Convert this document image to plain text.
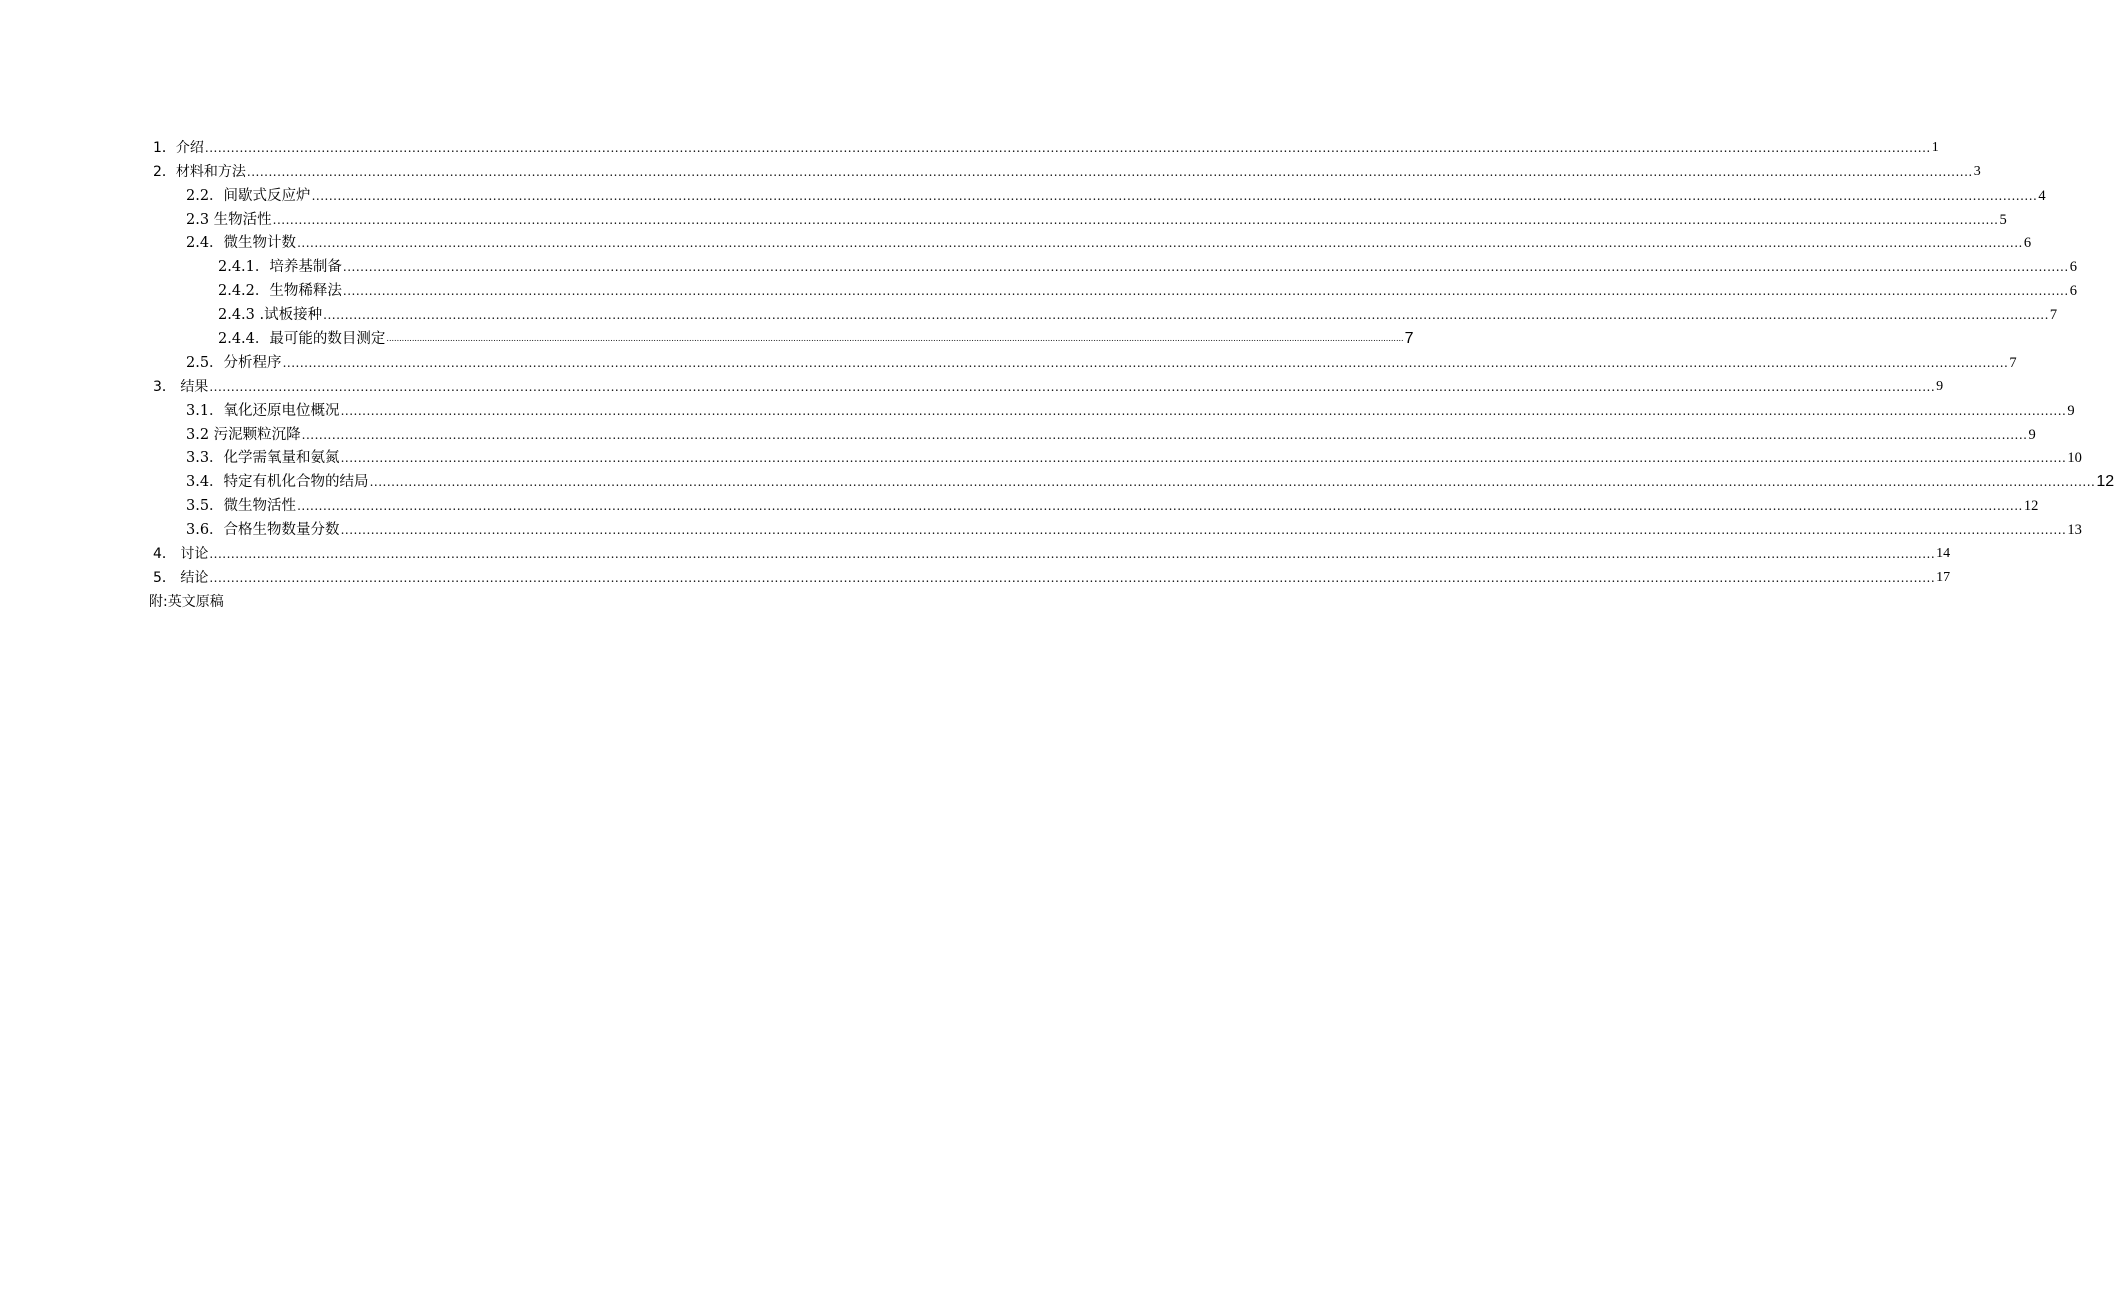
1．介绍 ................................................................................................................................................................................................................................................................................................................................................................................................................ 1
2．材料和方法 ................................................................................................................................................................................................................................................................................................................................................................................................................ 3
2.2．间歇式反应炉 ................................................................................................................................................................................................................................................................................................................................................................................................................ 4
2.3 生物活性 ................................................................................................................................................................................................................................................................................................................................................................................................................ 5
2.4．微生物计数 ................................................................................................................................................................................................................................................................................................................................................................................................................ 6
2.4.1．培养基制备 ................................................................................................................................................................................................................................................................................................................................................................................................................ 6
2.4.2．生物稀释法 ................................................................................................................................................................................................................................................................................................................................................................................................................ 6
2.4.3 .试板接种 ................................................................................................................................................................................................................................................................................................................................................................................................................ 7
2.4.4．最可能的数目测定 ................................................................................................................................................................................................................................................................................................................................................................................................................ 7
2.5．分析程序 ................................................................................................................................................................................................................................................................................................................................................................................................................ 7
3． 结果 ................................................................................................................................................................................................................................................................................................................................................................................................................ 9
3.1．氧化还原电位概况 ................................................................................................................................................................................................................................................................................................................................................................................................................ 9
3.2 污泥颗粒沉降 ................................................................................................................................................................................................................................................................................................................................................................................................................ 9
3.3．化学需氧量和氨氮 ................................................................................................................................................................................................................................................................................................................................................................................................................ 10
3.4．特定有机化合物的结局 ................................................................................................................................................................................................................................................................................................................................................................................................................ 12
3.5．微生物活性 ................................................................................................................................................................................................................................................................................................................................................................................................................ 12
3.6．合格生物数量分数 ................................................................................................................................................................................................................................................................................................................................................................................................................ 13
4． 讨论 ................................................................................................................................................................................................................................................................................................................................................................................................................ 14
5． 结论 ................................................................................................................................................................................................................................................................................................................................................................................................................ 17
附:英文原稿
